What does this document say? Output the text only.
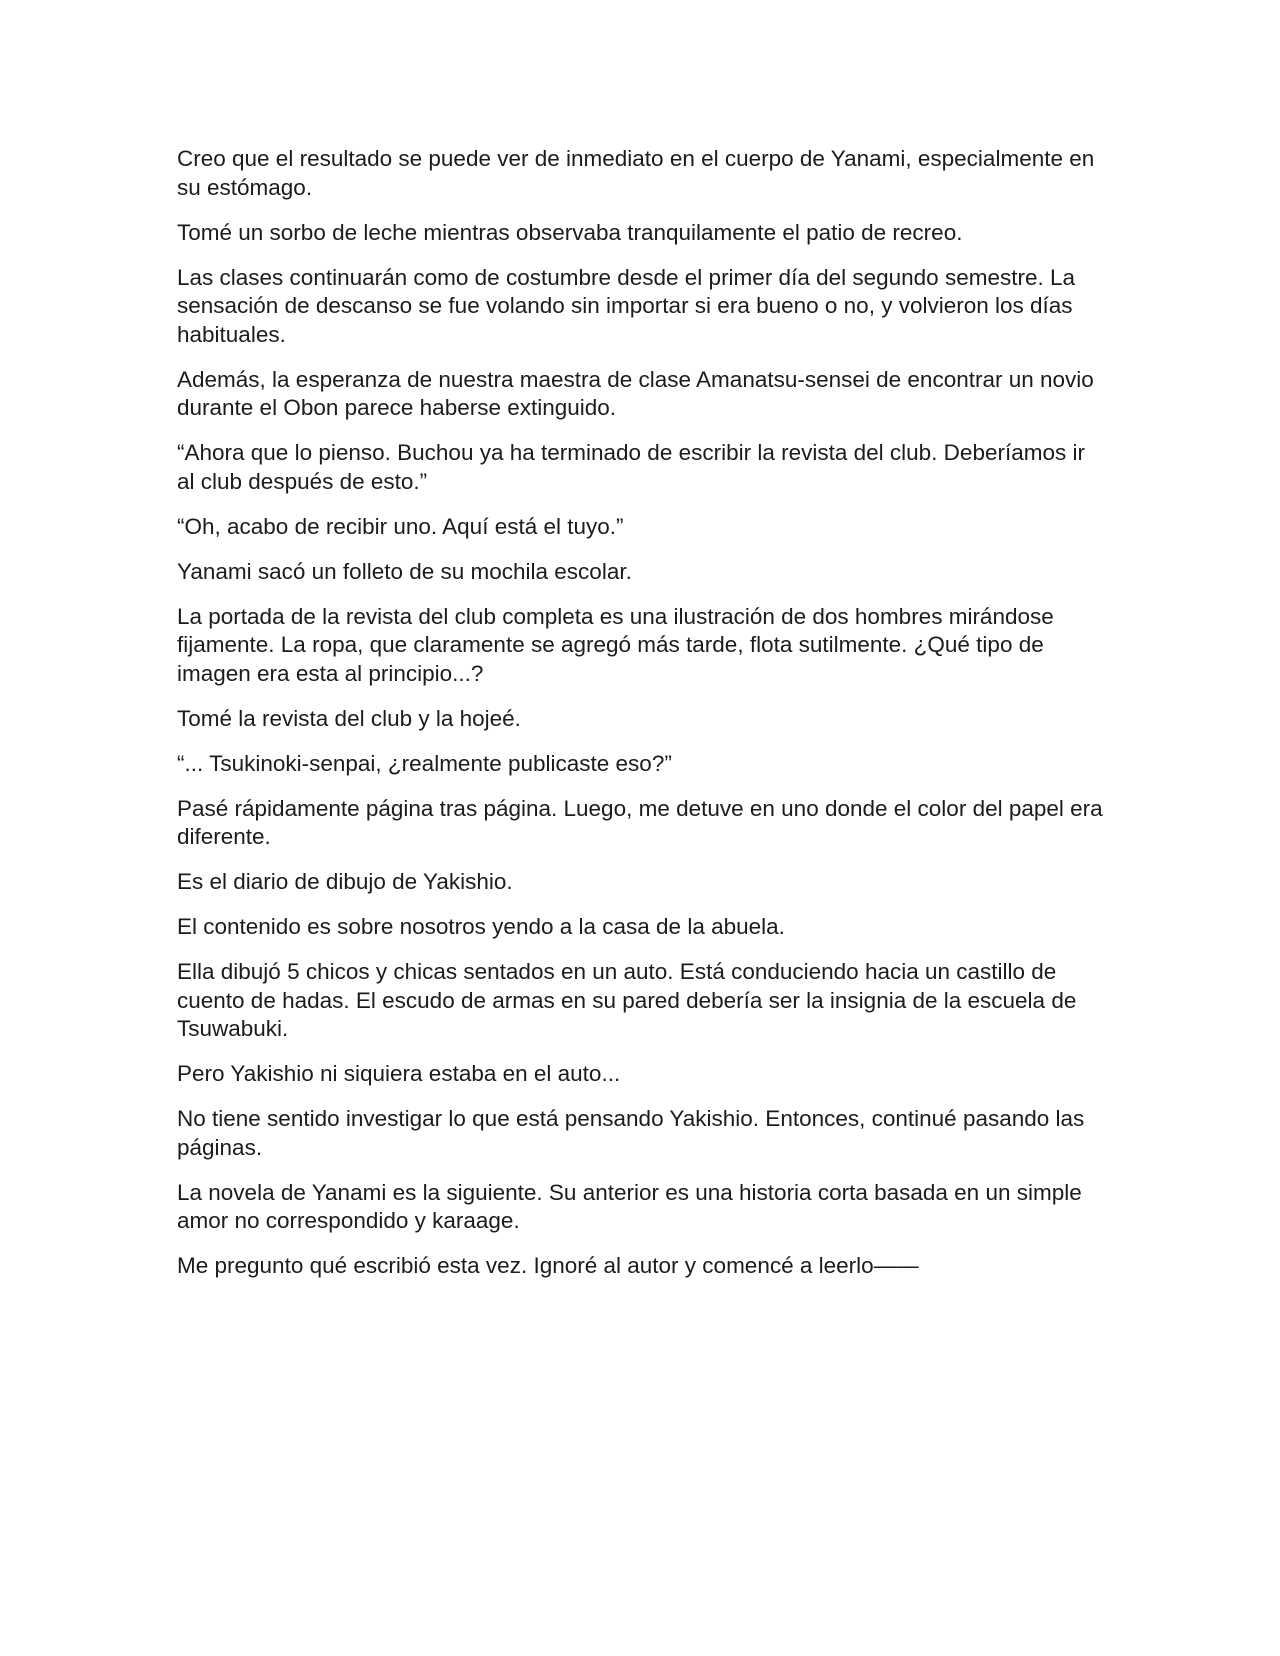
Creo que el resultado se puede ver de inmediato en el cuerpo de Yanami, especialmente en su estómago.

Tomé un sorbo de leche mientras observaba tranquilamente el patio de recreo.

Las clases continuarán como de costumbre desde el primer día del segundo semestre. La sensación de descanso se fue volando sin importar si era bueno o no, y volvieron los días habituales.

Además, la esperanza de nuestra maestra de clase Amanatsu-sensei de encontrar un novio durante el Obon parece haberse extinguido.

“Ahora que lo pienso. Buchou ya ha terminado de escribir la revista del club. Deberíamos ir al club después de esto.”

“Oh, acabo de recibir uno. Aquí está el tuyo.”

Yanami sacó un folleto de su mochila escolar.

La portada de la revista del club completa es una ilustración de dos hombres mirándose fijamente. La ropa, que claramente se agregó más tarde, flota sutilmente. ¿Qué tipo de imagen era esta al principio...?

Tomé la revista del club y la hojeé.

“... Tsukinoki-senpai, ¿realmente publicaste eso?”

Pasé rápidamente página tras página. Luego, me detuve en uno donde el color del papel era diferente.

Es el diario de dibujo de Yakishio.

El contenido es sobre nosotros yendo a la casa de la abuela.

Ella dibujó 5 chicos y chicas sentados en un auto. Está conduciendo hacia un castillo de cuento de hadas. El escudo de armas en su pared debería ser la insignia de la escuela de Tsuwabuki.

Pero Yakishio ni siquiera estaba en el auto...

No tiene sentido investigar lo que está pensando Yakishio. Entonces, continué pasando las páginas.

La novela de Yanami es la siguiente. Su anterior es una historia corta basada en un simple amor no correspondido y karaage.

Me pregunto qué escribió esta vez. Ignoré al autor y comencé a leerlo——
